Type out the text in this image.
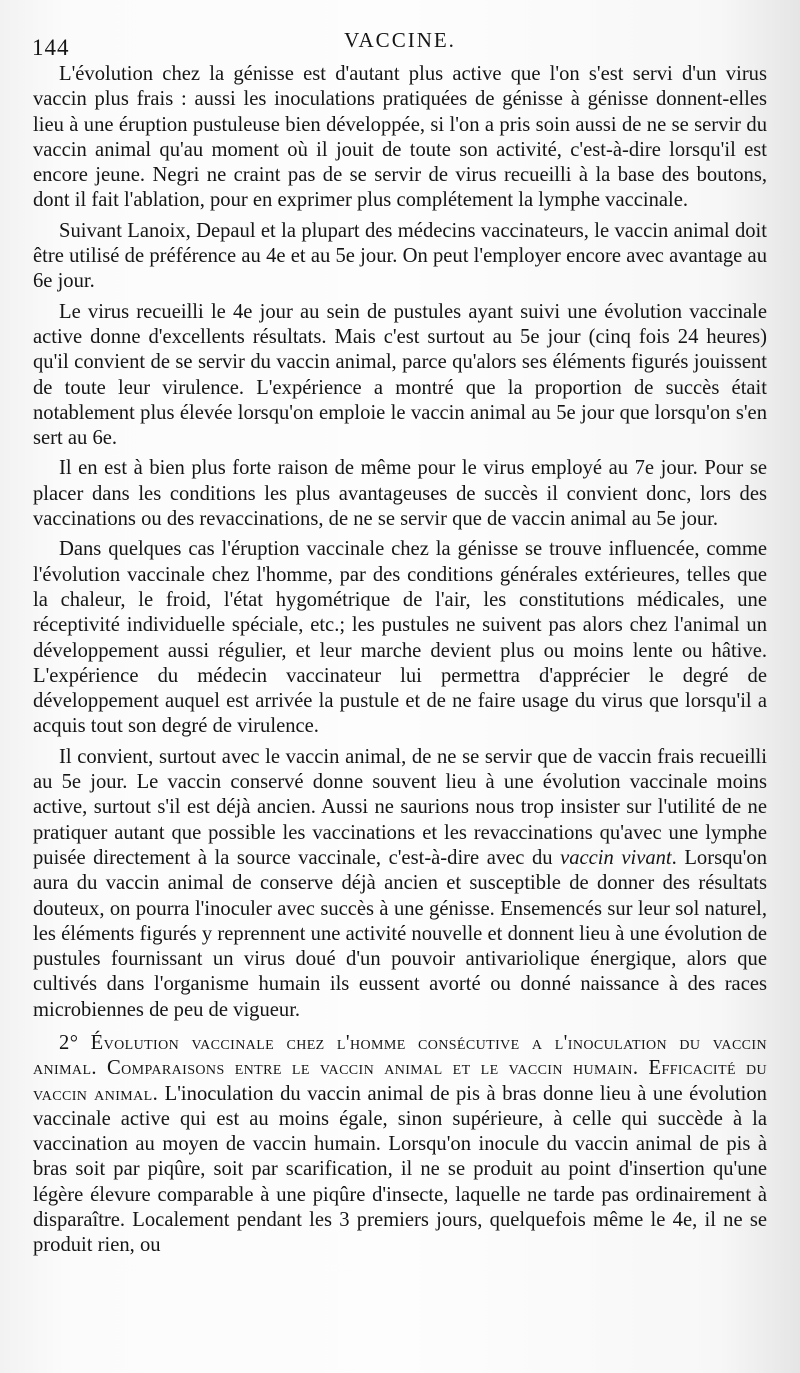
144	VACCINE.

L'évolution chez la génisse est d'autant plus active que l'on s'est servi d'un virus vaccin plus frais : aussi les inoculations pratiquées de génisse à génisse donnent-elles lieu à une éruption pustuleuse bien développée, si l'on a pris soin aussi de ne se servir du vaccin animal qu'au moment où il jouit de toute son activité, c'est-à-dire lorsqu'il est encore jeune. Negri ne craint pas de se servir de virus recueilli à la base des boutons, dont il fait l'ablation, pour en exprimer plus complétement la lymphe vaccinale.

Suivant Lanoix, Depaul et la plupart des médecins vaccinateurs, le vaccin animal doit être utilisé de préférence au 4e et au 5e jour. On peut l'employer encore avec avantage au 6e jour.

Le virus recueilli le 4e jour au sein de pustules ayant suivi une évolution vaccinale active donne d'excellents résultats. Mais c'est surtout au 5e jour (cinq fois 24 heures) qu'il convient de se servir du vaccin animal, parce qu'alors ses éléments figurés jouissent de toute leur virulence. L'expérience a montré que la proportion de succès était notablement plus élevée lorsqu'on emploie le vaccin animal au 5e jour que lorsqu'on s'en sert au 6e.

Il en est à bien plus forte raison de même pour le virus employé au 7e jour. Pour se placer dans les conditions les plus avantageuses de succès il convient donc, lors des vaccinations ou des revaccinations, de ne se servir que de vaccin animal au 5e jour.

Dans quelques cas l'éruption vaccinale chez la génisse se trouve influencée, comme l'évolution vaccinale chez l'homme, par des conditions générales extérieures, telles que la chaleur, le froid, l'état hygométrique de l'air, les constitutions médicales, une réceptivité individuelle spéciale, etc.; les pustules ne suivent pas alors chez l'animal un développement aussi régulier, et leur marche devient plus ou moins lente ou hâtive. L'expérience du médecin vaccinateur lui permettra d'apprécier le degré de développement auquel est arrivée la pustule et de ne faire usage du virus que lorsqu'il a acquis tout son degré de virulence.

Il convient, surtout avec le vaccin animal, de ne se servir que de vaccin frais recueilli au 5e jour. Le vaccin conservé donne souvent lieu à une évolution vaccinale moins active, surtout s'il est déjà ancien. Aussi ne saurions nous trop insister sur l'utilité de ne pratiquer autant que possible les vaccinations et les revaccinations qu'avec une lymphe puisée directement à la source vaccinale, c'est-à-dire avec du vaccin vivant. Lorsqu'on aura du vaccin animal de conserve déjà ancien et susceptible de donner des résultats douteux, on pourra l'inoculer avec succès à une génisse. Ensemencés sur leur sol naturel, les éléments figurés y reprennent une activité nouvelle et donnent lieu à une évolution de pustules fournissant un virus doué d'un pouvoir antivariolique énergique, alors que cultivés dans l'organisme humain ils eussent avorté ou donné naissance à des races microbiennes de peu de vigueur.

2° Évolution vaccinale chez l'homme consécutive a l'inoculation du vaccin animal. Comparaisons entre le vaccin animal et le vaccin humain. Efficacité du vaccin animal. L'inoculation du vaccin animal de pis à bras donne lieu à une évolution vaccinale active qui est au moins égale, sinon supérieure, à celle qui succède à la vaccination au moyen de vaccin humain. Lorsqu'on inocule du vaccin animal de pis à bras soit par piqûre, soit par scarification, il ne se produit au point d'insertion qu'une légère élevure comparable à une piqûre d'insecte, laquelle ne tarde pas ordinairement à disparaître. Localement pendant les 3 premiers jours, quelquefois même le 4e, il ne se produit rien, ou
